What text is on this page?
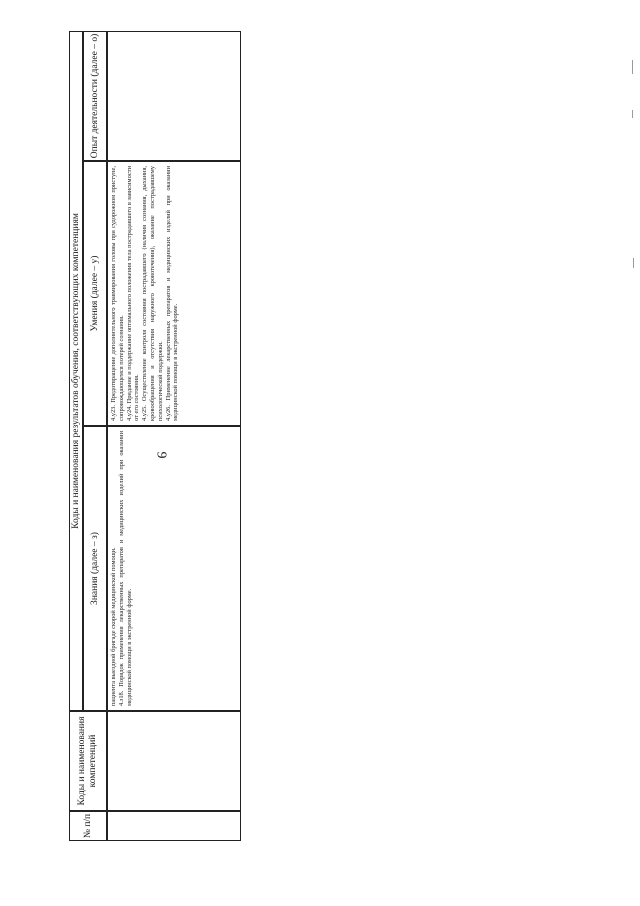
9
№ п/п
Коды и наименования компетенций
Коды и наименования результатов обучения, соответствующих компетенциям
Знания (далее – з)
Умения (далее – у)
Опыт деятельности (далее – о)

пациента выездной бригаде скорой медицинской помощи. 4.з18. Порядок применения лекарственных препаратов и медицинских изделий при оказании медицинской помощи в экстренной форме.

4.у23. Предотвращение дополнительного травмирования головы при судорожном приступе, сопровождающемся потерей сознания. 4.у24. Придание и поддержание оптимального положения тела пострадавшего в зависимости от его состояния. 4.у25. Осуществление контроля состояния пострадавшего (наличия сознания, дыхания, кровообращения и отсутствия наружного кровотечения), оказание пострадавшему психологической поддержки. 4.у26. Применение лекарственных препаратов и медицинских изделий при оказании медицинской помощи в экстренной форме.
